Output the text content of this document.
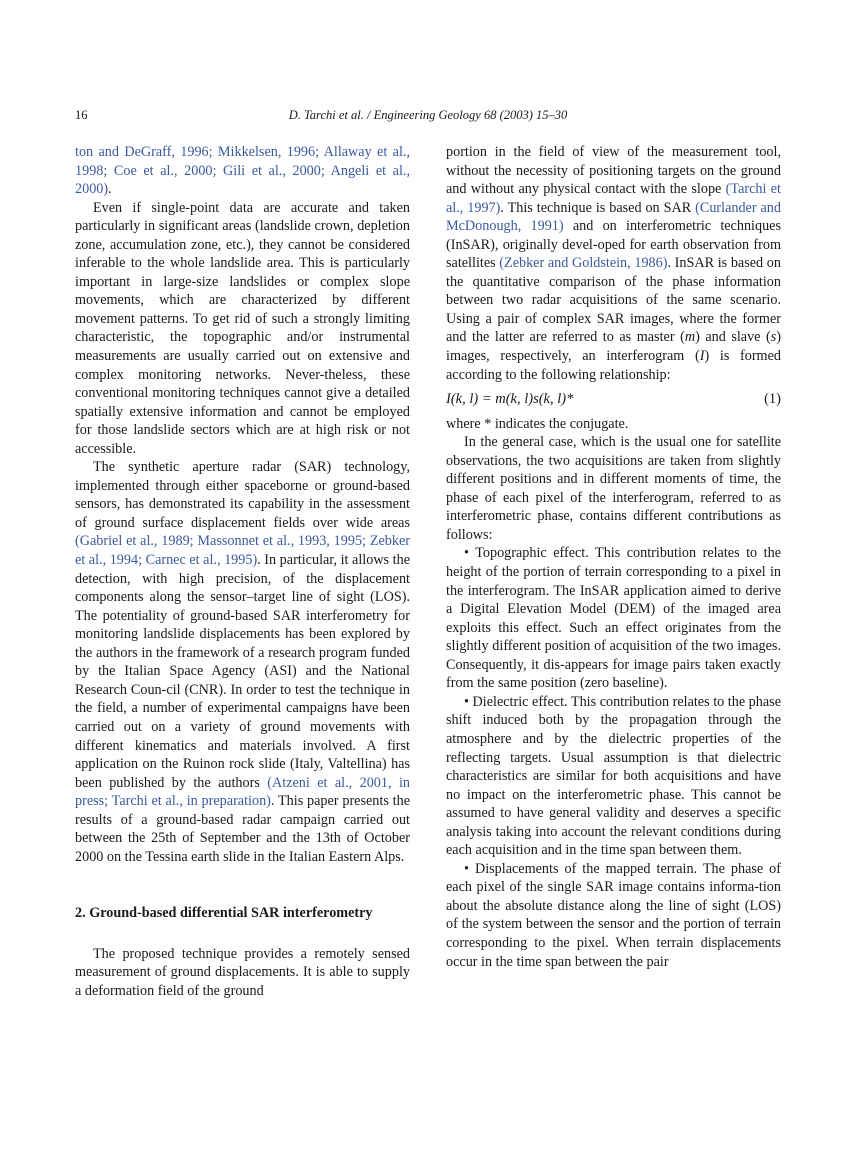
16	D. Tarchi et al. / Engineering Geology 68 (2003) 15–30

ton and DeGraff, 1996; Mikkelsen, 1996; Allaway et al., 1998; Coe et al., 2000; Gili et al., 2000; Angeli et al., 2000).

Even if single-point data are accurate and taken particularly in significant areas (landslide crown, depletion zone, accumulation zone, etc.), they cannot be considered inferable to the whole landslide area. This is particularly important in large-size landslides or complex slope movements, which are characterized by different movement patterns. To get rid of such a strongly limiting characteristic, the topographic and/or instrumental measurements are usually carried out on extensive and complex monitoring networks. Never-theless, these conventional monitoring techniques cannot give a detailed spatially extensive information and cannot be employed for those landslide sectors which are at high risk or not accessible.

The synthetic aperture radar (SAR) technology, implemented through either spaceborne or ground-based sensors, has demonstrated its capability in the assessment of ground surface displacement fields over wide areas (Gabriel et al., 1989; Massonnet et al., 1993, 1995; Zebker et al., 1994; Carnec et al., 1995). In particular, it allows the detection, with high precision, of the displacement components along the sensor–target line of sight (LOS). The potentiality of ground-based SAR interferometry for monitoring landslide displacements has been explored by the authors in the framework of a research program funded by the Italian Space Agency (ASI) and the National Research Coun-cil (CNR). In order to test the technique in the field, a number of experimental campaigns have been carried out on a variety of ground movements with different kinematics and materials involved. A first application on the Ruinon rock slide (Italy, Valtellina) has been published by the authors (Atzeni et al., 2001, in press; Tarchi et al., in preparation). This paper presents the results of a ground-based radar campaign carried out between the 25th of September and the 13th of October 2000 on the Tessina earth slide in the Italian Eastern Alps.

2. Ground-based differential SAR interferometry

The proposed technique provides a remotely sensed measurement of ground displacements. It is able to supply a deformation field of the ground

portion in the field of view of the measurement tool, without the necessity of positioning targets on the ground and without any physical contact with the slope (Tarchi et al., 1997). This technique is based on SAR (Curlander and McDonough, 1991) and on interferometric techniques (InSAR), originally devel-oped for earth observation from satellites (Zebker and Goldstein, 1986). InSAR is based on the quantitative comparison of the phase information between two radar acquisitions of the same scenario. Using a pair of complex SAR images, where the former and the latter are referred to as master (m) and slave (s) images, respectively, an interferogram (I) is formed according to the following relationship:

I(k, l) = m(k, l)s(k, l)*	(1)

where * indicates the conjugate.

In the general case, which is the usual one for satellite observations, the two acquisitions are taken from slightly different positions and in different moments of time, the phase of each pixel of the interferogram, referred to as interferometric phase, contains different contributions as follows:

• Topographic effect. This contribution relates to the height of the portion of terrain corresponding to a pixel in the interferogram. The InSAR application aimed to derive a Digital Elevation Model (DEM) of the imaged area exploits this effect. Such an effect originates from the slightly different position of acquisition of the two images. Consequently, it dis-appears for image pairs taken exactly from the same position (zero baseline).

• Dielectric effect. This contribution relates to the phase shift induced both by the propagation through the atmosphere and by the dielectric properties of the reflecting targets. Usual assumption is that dielectric characteristics are similar for both acquisitions and have no impact on the interferometric phase. This cannot be assumed to have general validity and deserves a specific analysis taking into account the relevant conditions during each acquisition and in the time span between them.

• Displacements of the mapped terrain. The phase of each pixel of the single SAR image contains informa-tion about the absolute distance along the line of sight (LOS) of the system between the sensor and the portion of terrain corresponding to the pixel. When terrain displacements occur in the time span between the pair
